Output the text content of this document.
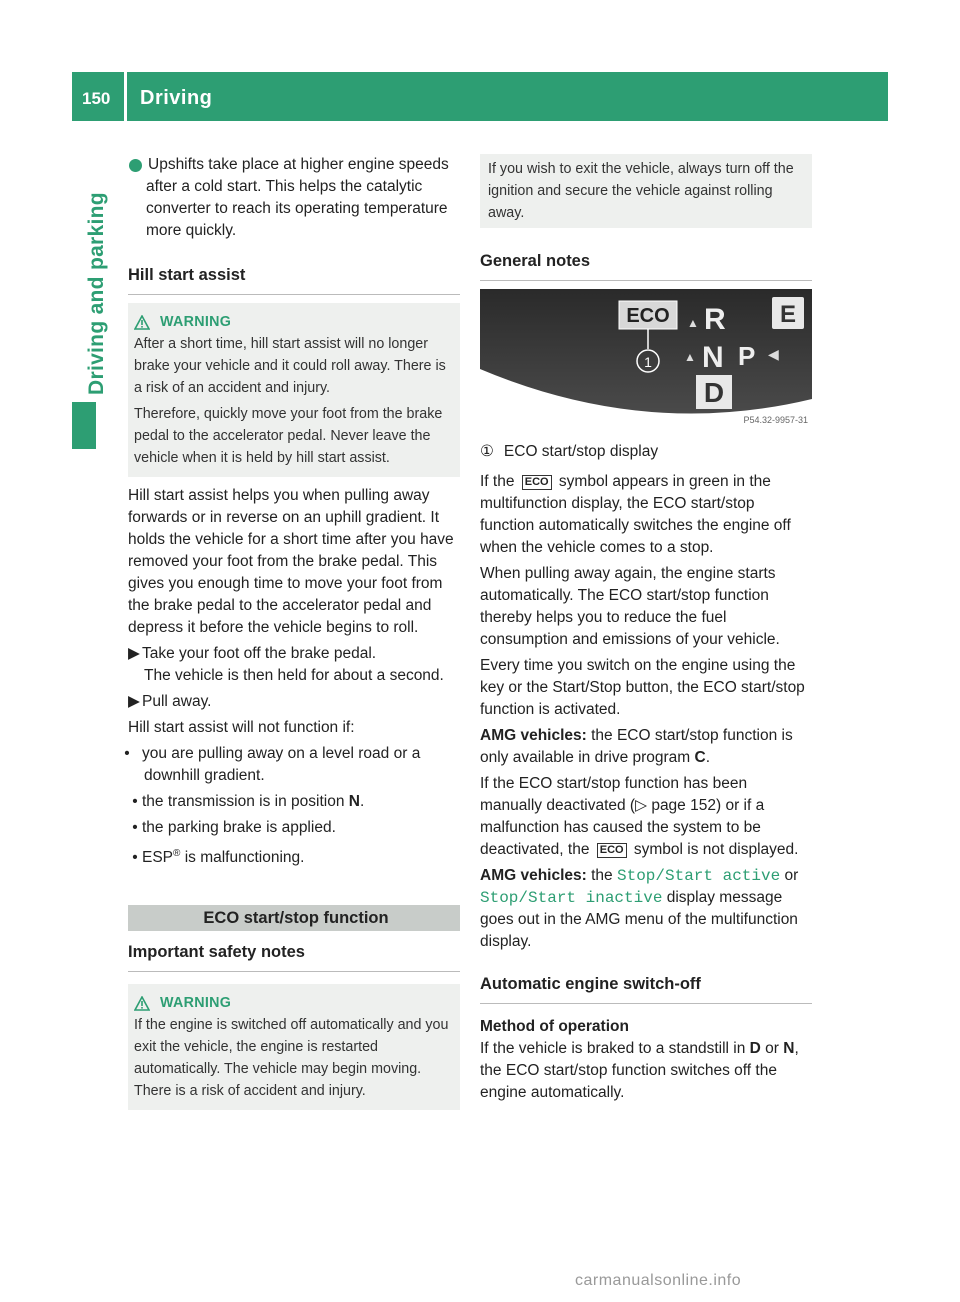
150 Driving
Driving and parking

i Upshifts take place at higher engine speeds after a cold start. This helps the catalytic converter to reach its operating temperature more quickly.

Hill start assist
WARNING

After a short time, hill start assist will no longer brake your vehicle and it could roll away. There is a risk of an accident and injury.

Therefore, quickly move your foot from the brake pedal to the accelerator pedal. Never leave the vehicle when it is held by hill start assist.

Hill start assist helps you when pulling away forwards or in reverse on an uphill gradient. It holds the vehicle for a short time after you have removed your foot from the brake pedal. This gives you enough time to move your foot from the brake pedal to the accelerator pedal and depress it before the vehicle begins to roll.

▶ Take your foot off the brake pedal.

The vehicle is then held for about a second.

▶ Pull away.

Hill start assist will not function if:

• you are pulling away on a level road or a downhill gradient.

• the transmission is in position N.

• the parking brake is applied.

• ESP® is malfunctioning.

ECO start/stop function
Important safety notes
WARNING

If the engine is switched off automatically and you exit the vehicle, the engine is restarted automatically. The vehicle may begin moving. There is a risk of accident and injury.

If you wish to exit the vehicle, always turn off the ignition and secure the vehicle against rolling away.
General notes
ECO ▲ R E
1	▲ N P ◀
D
P54.32-9957-31

① ECO start/stop display

If the ECO symbol appears in green in the multifunction display, the ECO start/stop function automatically switches the engine off when the vehicle comes to a stop.

When pulling away again, the engine starts automatically. The ECO start/stop function thereby helps you to reduce the fuel consumption and emissions of your vehicle.

Every time you switch on the engine using the key or the Start/Stop button, the ECO start/stop function is activated.

AMG vehicles: the ECO start/stop function is only available in drive program C.

If the ECO start/stop function has been manually deactivated (▷ page 152) or if a malfunction has caused the system to be deactivated, the ECO symbol is not displayed.

AMG vehicles: the Stop/Start active or
Stop/Start inactive display message goes out in the AMG menu of the multifunction display.

Automatic engine switch-off

Method of operation

If the vehicle is braked to a standstill in D or N, the ECO start/stop function switches off the engine automatically.

carmanualsonline.info
